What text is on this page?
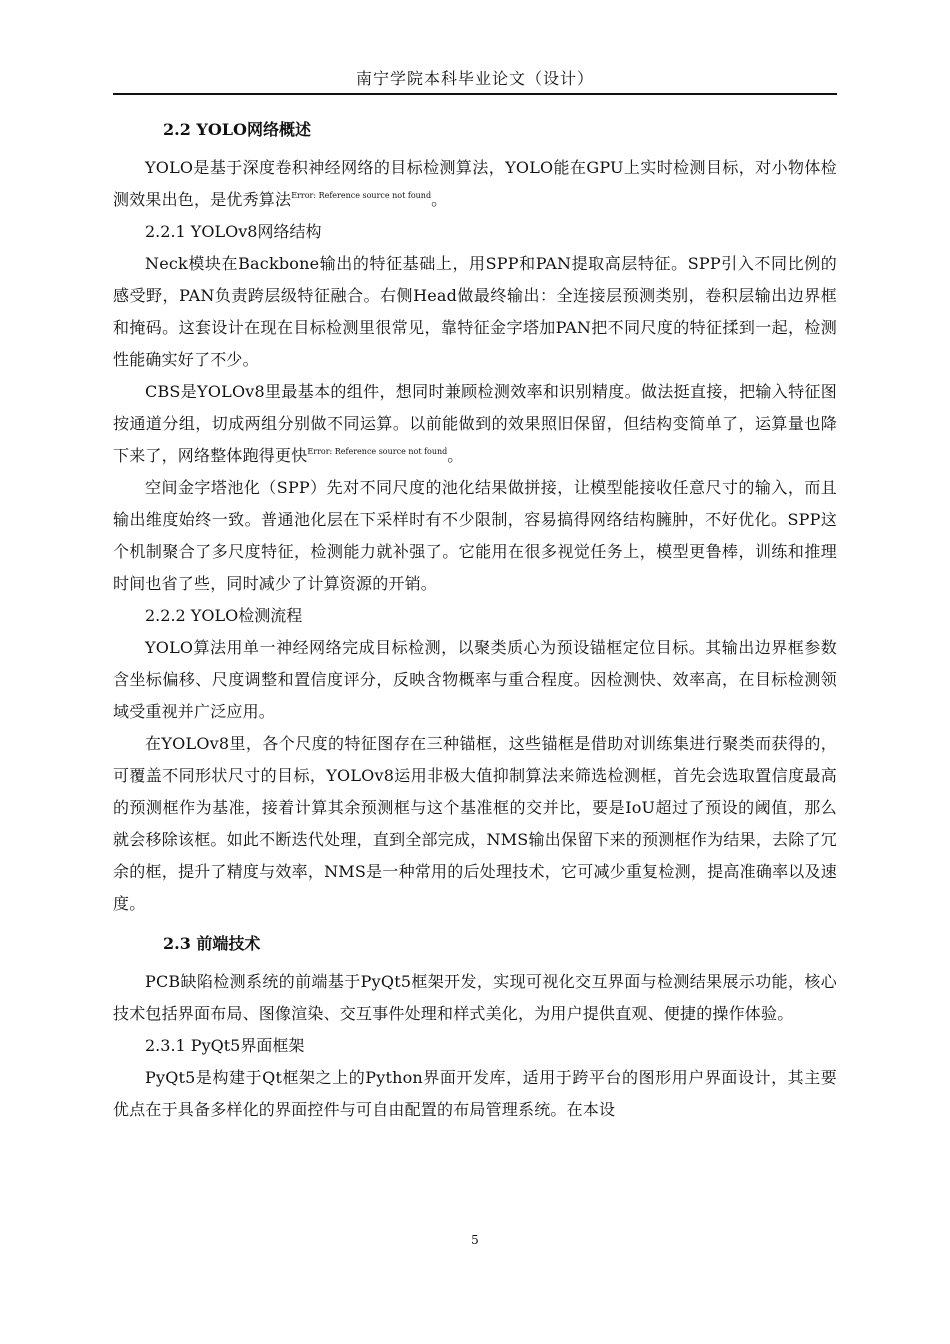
南宁学院本科毕业论文（设计）
2.2 YOLO网络概述

YOLO是基于深度卷积神经网络的目标检测算法，YOLO能在GPU上实时检测目标，对小物体检测效果出色，是优秀算法$^{Error: Reference source not found}$。

2.2.1 YOLOv8网络结构

Neck模块在Backbone输出的特征基础上，用SPP和PAN提取高层特征。SPP引入不同比例的感受野，PAN负责跨层级特征融合。右侧Head做最终输出：全连接层预测类别，卷积层输出边界框和掩码。这套设计在现在目标检测里很常见，靠特征金字塔加PAN把不同尺度的特征揉到一起，检测性能确实好了不少。

CBS是YOLOv8里最基本的组件，想同时兼顾检测效率和识别精度。做法挺直接，把输入特征图按通道分组，切成两组分别做不同运算。以前能做到的效果照旧保留，但结构变简单了，运算量也降下来了，网络整体跑得更快$^{Error: Reference source not found}$。

空间金字塔池化（SPP）先对不同尺度的池化结果做拼接，让模型能接收任意尺寸的输入，而且输出维度始终一致。普通池化层在下采样时有不少限制，容易搞得网络结构臃肿，不好优化。SPP这个机制聚合了多尺度特征，检测能力就补强了。它能用在很多视觉任务上，模型更鲁棒，训练和推理时间也省了些，同时减少了计算资源的开销。

2.2.2 YOLO检测流程

YOLO算法用单一神经网络完成目标检测，以聚类质心为预设锚框定位目标。其输出边界框参数含坐标偏移、尺度调整和置信度评分，反映含物概率与重合程度。因检测快、效率高，在目标检测领域受重视并广泛应用。

在YOLOv8里，各个尺度的特征图存在三种锚框，这些锚框是借助对训练集进行聚类而获得的，可覆盖不同形状尺寸的目标，YOLOv8运用非极大值抑制算法来筛选检测框，首先会选取置信度最高的预测框作为基准，接着计算其余预测框与这个基准框的交并比，要是IoU超过了预设的阈值，那么就会移除该框。如此不断迭代处理，直到全部完成，NMS输出保留下来的预测框作为结果，去除了冗余的框，提升了精度与效率，NMS是一种常用的后处理技术，它可减少重复检测，提高准确率以及速度。

2.3 前端技术

PCB缺陷检测系统的前端基于PyQt5框架开发，实现可视化交互界面与检测结果展示功能，核心技术包括界面布局、图像渲染、交互事件处理和样式美化，为用户提供直观、便捷的操作体验。

2.3.1 PyQt5界面框架

PyQt5是构建于Qt框架之上的Python界面开发库，适用于跨平台的图形用户界面设计，其主要优点在于具备多样化的界面控件与可自由配置的布局管理系统。在本设

5
